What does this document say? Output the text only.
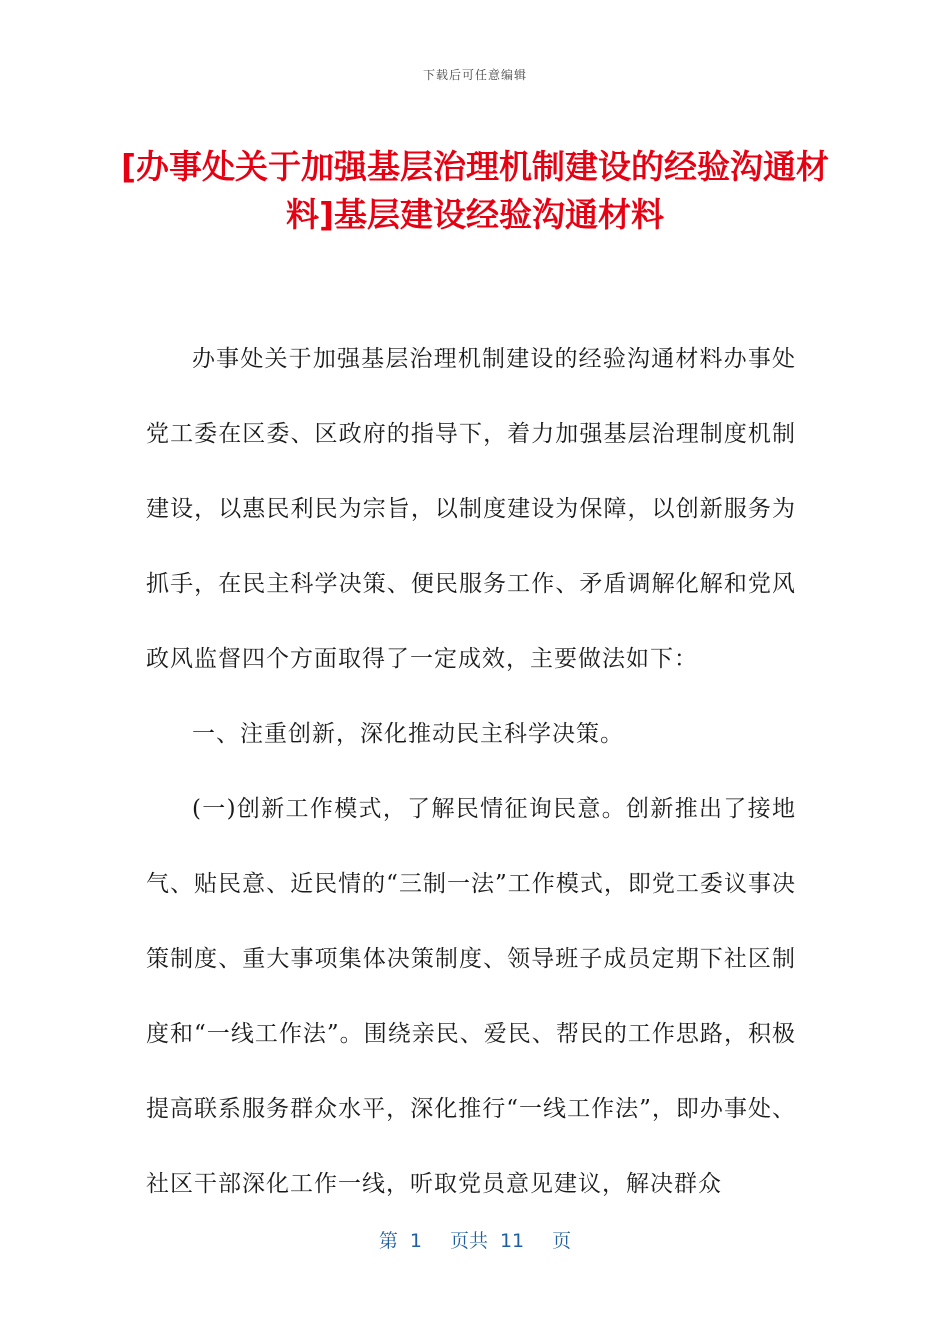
下载后可任意编辑
[办事处关于加强基层治理机制建设的经验沟通材料]基层建设经验沟通材料

办事处关于加强基层治理机制建设的经验沟通材料办事处党工委在区委、区政府的指导下，着力加强基层治理制度机制建设，以惠民利民为宗旨，以制度建设为保障，以创新服务为抓手，在民主科学决策、便民服务工作、矛盾调解化解和党风政风监督四个方面取得了一定成效，主要做法如下：

一、注重创新，深化推动民主科学决策。

(一)创新工作模式，了解民情征询民意。创新推出了接地气、贴民意、近民情的“三制一法”工作模式，即党工委议事决策制度、重大事项集体决策制度、领导班子成员定期下社区制度和“一线工作法”。围绕亲民、爱民、帮民的工作思路，积极提高联系服务群众水平，深化推行“一线工作法”，即办事处、社区干部深化工作一线，听取党员意见建议，解决群众

第 1 页共 11 页
